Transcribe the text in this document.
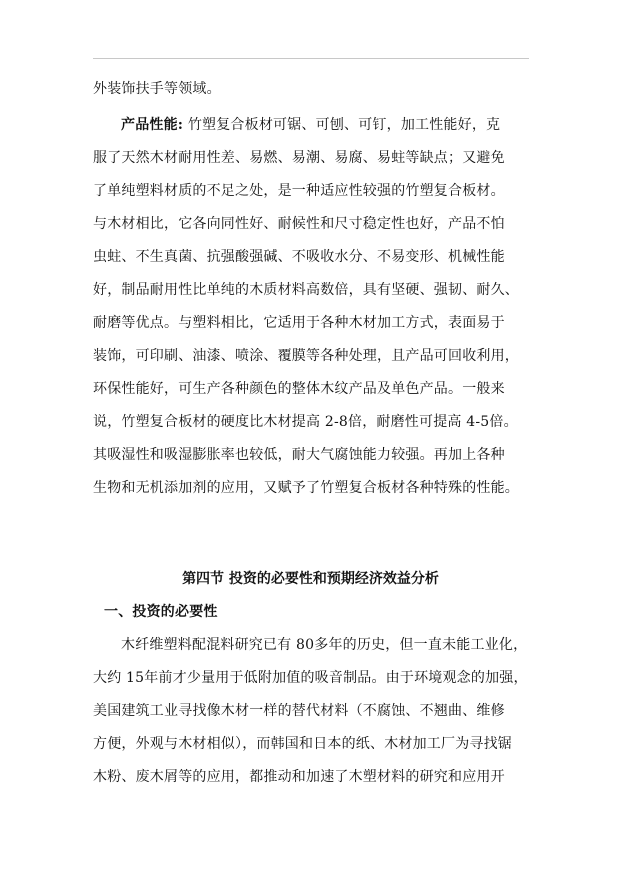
外装饰扶手等领域。
产品性能: 竹塑复合板材可锯、可刨、可钉，加工性能好，克
服了天然木材耐用性差、易燃、易潮、易腐、易蛀等缺点；又避免
了单纯塑料材质的不足之处，是一种适应性较强的竹塑复合板材。
与木材相比，它各向同性好、耐候性和尺寸稳定性也好，产品不怕
虫蛀、不生真菌、抗强酸强碱、不吸收水分、不易变形、机械性能
好，制品耐用性比单纯的木质材料高数倍，具有坚硬、强韧、耐久、
耐磨等优点。与塑料相比，它适用于各种木材加工方式，表面易于
装饰，可印刷、油漆、喷涂、覆膜等各种处理，且产品可回收利用，
环保性能好，可生产各种颜色的整体木纹产品及单色产品。一般来
说，竹塑复合板材的硬度比木材提高 2-8倍，耐磨性可提高 4-5倍。
其吸湿性和吸湿膨胀率也较低，耐大气腐蚀能力较强。再加上各种
生物和无机添加剂的应用，又赋予了竹塑复合板材各种特殊的性能。
第四节 投资的必要性和预期经济效益分析
一、投资的必要性
木纤维塑料配混料研究已有 80多年的历史，但一直未能工业化，
大约 15年前才少量用于低附加值的吸音制品。由于环境观念的加强，
美国建筑工业寻找像木材一样的替代材料（不腐蚀、不翘曲、维修
方便，外观与木材相似），而韩国和日本的纸、木材加工厂为寻找锯
木粉、废木屑等的应用，都推动和加速了木塑材料的研究和应用开
